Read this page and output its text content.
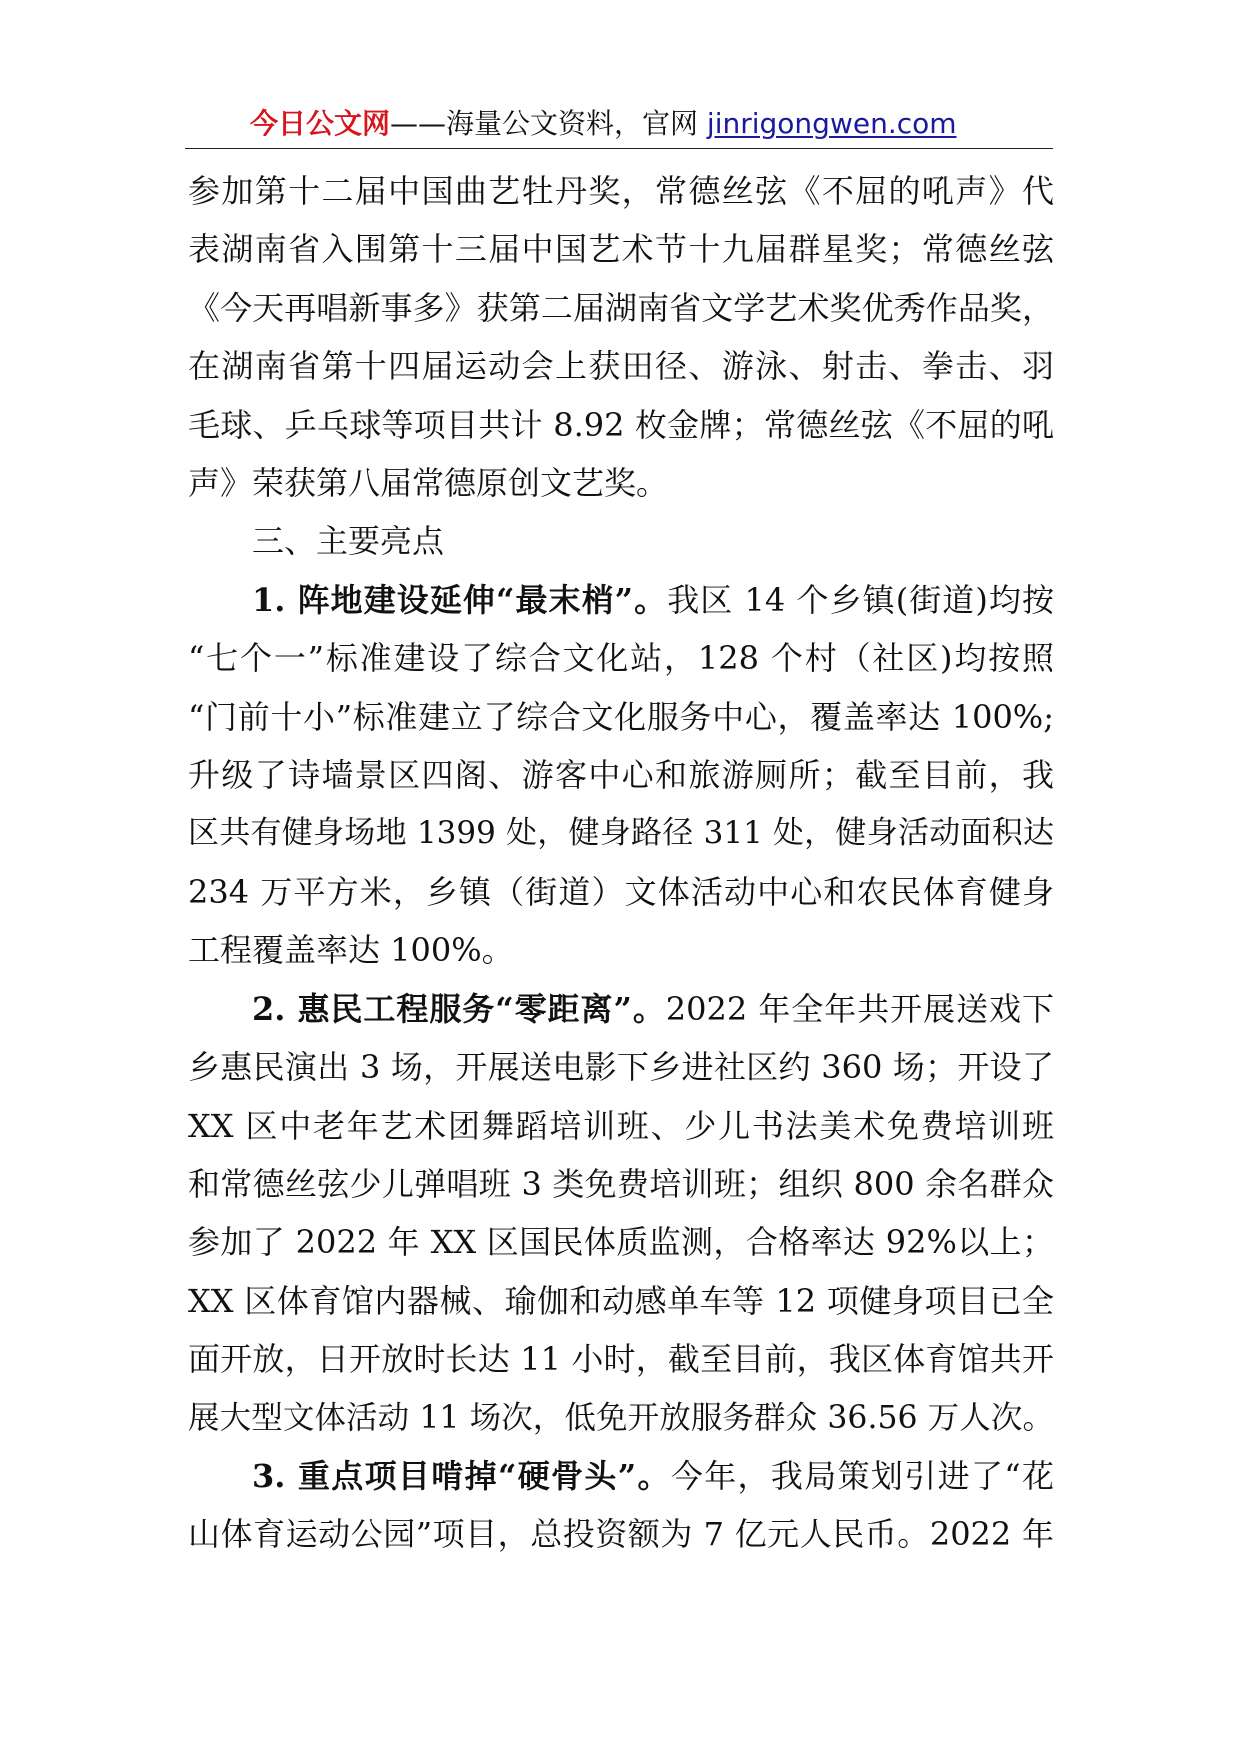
今日公文网——海量公文资料，官网 jinrigongwen.com

参加第十二届中国曲艺牡丹奖，常德丝弦《不屈的吼声》代

表湖南省入围第十三届中国艺术节十九届群星奖；常德丝弦

《今天再唱新事多》获第二届湖南省文学艺术奖优秀作品奖，

在湖南省第十四届运动会上获田径、游泳、射击、拳击、羽

毛球、乒乓球等项目共计 8.92 枚金牌；常德丝弦《不屈的吼

声》荣获第八届常德原创文艺奖。

三、主要亮点

1. 阵地建设延伸“最末梢”。我区 14 个乡镇(街道)均按

“七个一”标准建设了综合文化站，128 个村（社区)均按照

“门前十小”标准建立了综合文化服务中心，覆盖率达 100%;

升级了诗墙景区四阁、游客中心和旅游厕所；截至目前，我

区共有健身场地 1399 处，健身路径 311 处，健身活动面积达

234 万平方米，乡镇（街道）文体活动中心和农民体育健身

工程覆盖率达 100%。

2. 惠民工程服务“零距离”。2022 年全年共开展送戏下

乡惠民演出 3 场，开展送电影下乡进社区约 360 场；开设了

XX 区中老年艺术团舞蹈培训班、少儿书法美术免费培训班

和常德丝弦少儿弹唱班 3 类免费培训班；组织 800 余名群众

参加了 2022 年 XX 区国民体质监测，合格率达 92%以上；

XX 区体育馆内器械、瑜伽和动感单车等 12 项健身项目已全

面开放，日开放时长达 11 小时，截至目前，我区体育馆共开

展大型文体活动 11 场次，低免开放服务群众 36.56 万人次。

3. 重点项目啃掉“硬骨头”。今年，我局策划引进了“花

山体育运动公园”项目，总投资额为 7 亿元人民币。2022 年
